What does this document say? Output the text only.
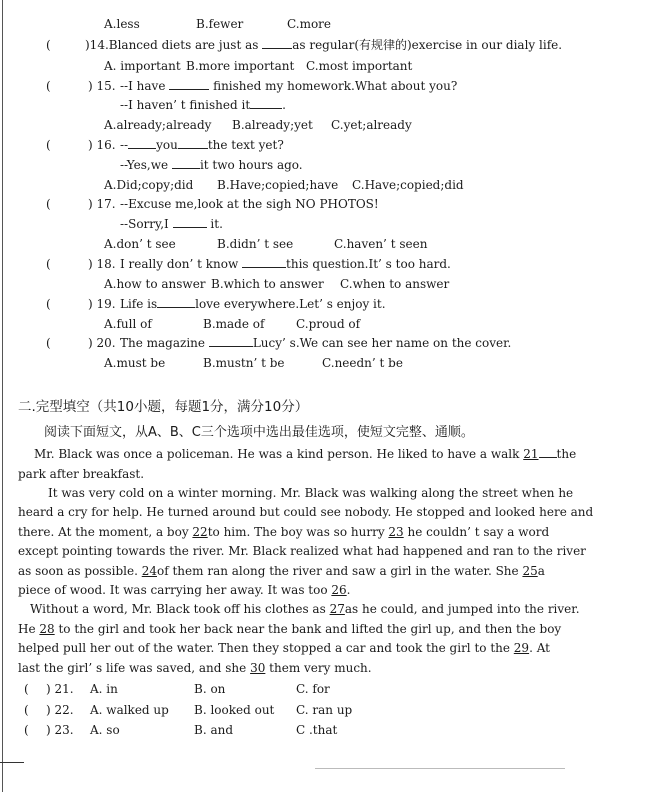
A.less	B.fewer	C.more
(	)14.Blanced diets are just as	as regular(有规律的)exercise in our dialy life.
A. important B.more important C.most important
(	) 15. --I have	finished my homework.What about you?
--I haven’ t finished it	.
A.already;already B.already;yet C.yet;already
(	) 16. -- you	the text yet?
--Yes,we	it two hours ago.
A.Did;copy;did B.Have;copied;have C.Have;copied;did
(	) 17. --Excuse me,look at the sigh NO PHOTOS!
--Sorry,I	it.
A.don’ t see	B.didn’ t see	C.haven’ t seen
(	) 18. I really don’ t know	this question.It’ s too hard.
A.how to answer B.which to answer C.when to answer
(	) 19. Life is	love everywhere.Let’ s enjoy it.
A.full of	B.made of	C.proud of
(	) 20. The magazine	Lucy’ s.We can see her name on the cover.
A.must be	B.mustn’ t be	C.needn’ t be
二.完型填空（共10小题，每题1分，满分10分）
阅读下面短文，从A、B、C三个选项中选出最佳选项，使短文完整、通顺。
Mr. Black was once a policeman. He was a kind person. He liked to have a walk 21 the
park after breakfast.
It was very cold on a winter morning. Mr. Black was walking along the street when he
heard a cry for help. He turned around but could see nobody. He stopped and looked here and
there. At the moment, a boy 22to him. The boy was so hurry 23 he couldn’ t say a word
except pointing towards the river. Mr. Black realized what had happened and ran to the river
as soon as possible. 24of them ran along the river and saw a girl in the water. She 25a
piece of wood. It was carrying her away. It was too 26.
Without a word, Mr. Black took off his clothes as 27as he could, and jumped into the river.
He 28 to the girl and took her back near the bank and lifted the girl up, and then the boy
helped pull her out of the water. Then they stopped a car and took the girl to the 29. At
last the girl’ s life was saved, and she 30 them very much.
( ) 21. A. in	B. on	C. for
( ) 22. A. walked up B. looked out C. ran up
( ) 23. A. so	B. and	C .that
